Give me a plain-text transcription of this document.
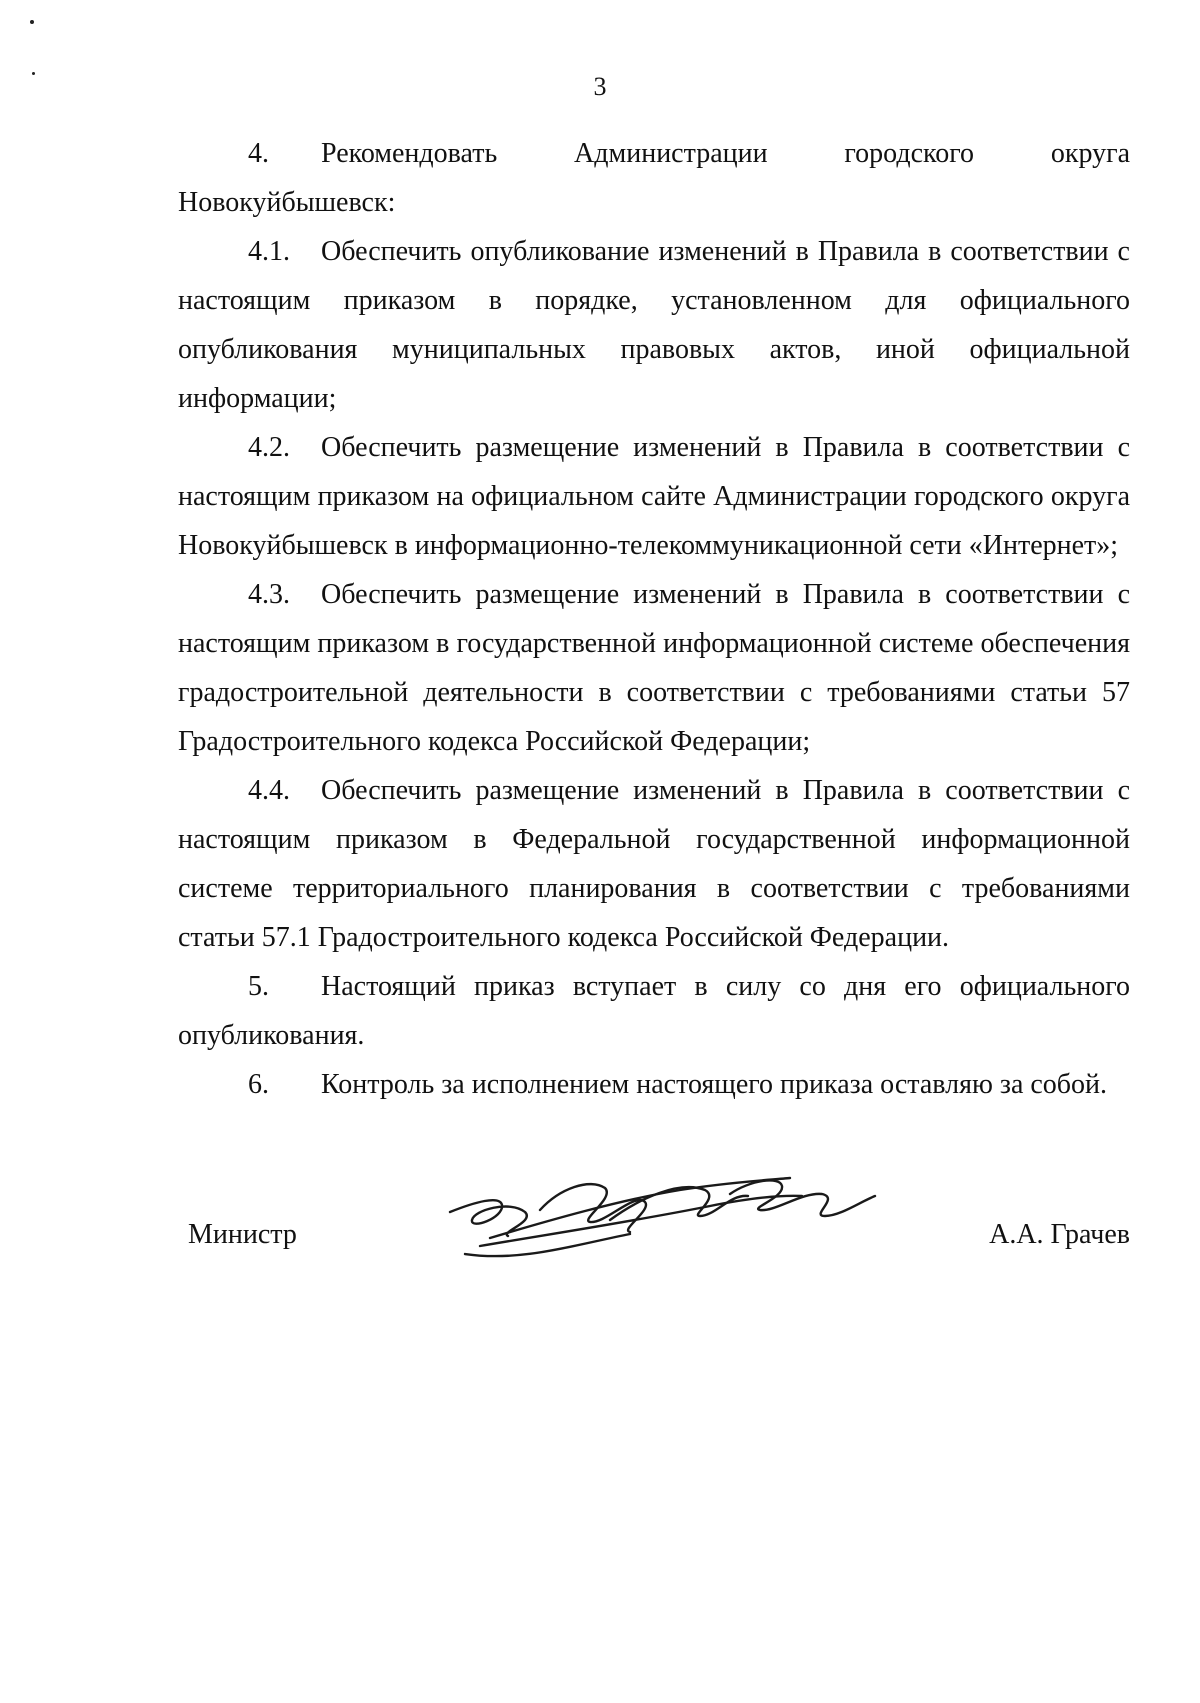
3

4. Рекомендовать Администрации городского округа Новокуйбышевск:

4.1. Обеспечить опубликование изменений в Правила в соответствии с настоящим приказом в порядке, установленном для официального опубликования муниципальных правовых актов, иной официальной информации;

4.2. Обеспечить размещение изменений в Правила в соответствии с настоящим приказом на официальном сайте Администрации городского округа Новокуйбышевск в информационно-телекоммуникационной сети «Интернет»;

4.3. Обеспечить размещение изменений в Правила в соответствии с настоящим приказом в государственной информационной системе обеспечения градостроительной деятельности в соответствии с требованиями статьи 57 Градостроительного кодекса Российской Федерации;

4.4. Обеспечить размещение изменений в Правила в соответствии с настоящим приказом в Федеральной государственной информационной системе территориального планирования в соответствии с требованиями статьи 57.1 Градостроительного кодекса Российской Федерации.

5. Настоящий приказ вступает в силу со дня его официального опубликования.

6. Контроль за исполнением настоящего приказа оставляю за собой.

Министр	А.А. Грачев
